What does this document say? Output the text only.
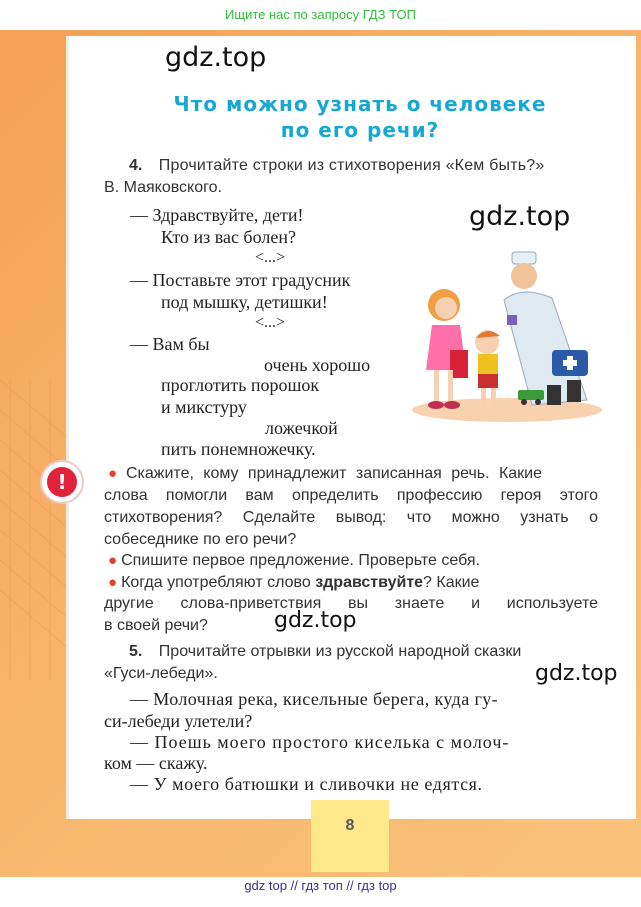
Ищите нас по запросу ГДЗ ТОП
8
gdz.top
gdz.top
gdz.top
gdz.top
Что можно узнать о человеке
по его речи?
4. Прочитайте строки из стихотворения «Кем быть?»
В. Маяковского.
— Здравствуйте, дети!
Кто из вас болен?
<...>
— Поставьте этот градусник
под мышку, детишки!
<...>
— Вам бы
очень хорошо
проглотить порошок
и микстуру
ложечкой
пить понемножечку.
!	● Скажите, кому принадлежит записанная речь. Какие
слова помогли вам определить профессию героя этого
стихотворения? Сделайте вывод: что можно узнать о
собеседнике по его речи?
● Спишите первое предложение. Проверьте себя.
● Когда употребляют слово здравствуйте? Какие
другие слова-приветствия вы знаете и используете
в своей речи?
5. Прочитайте отрывки из русской народной сказки
«Гуси-лебеди».
— Молочная река, кисельные берега, куда гу-
си-лебеди улетели?
— Поешь моего простого киселька с молоч-
ком — скажу.
— У моего батюшки и сливочки не едятся.
gdz top // гдз топ // гдз top
